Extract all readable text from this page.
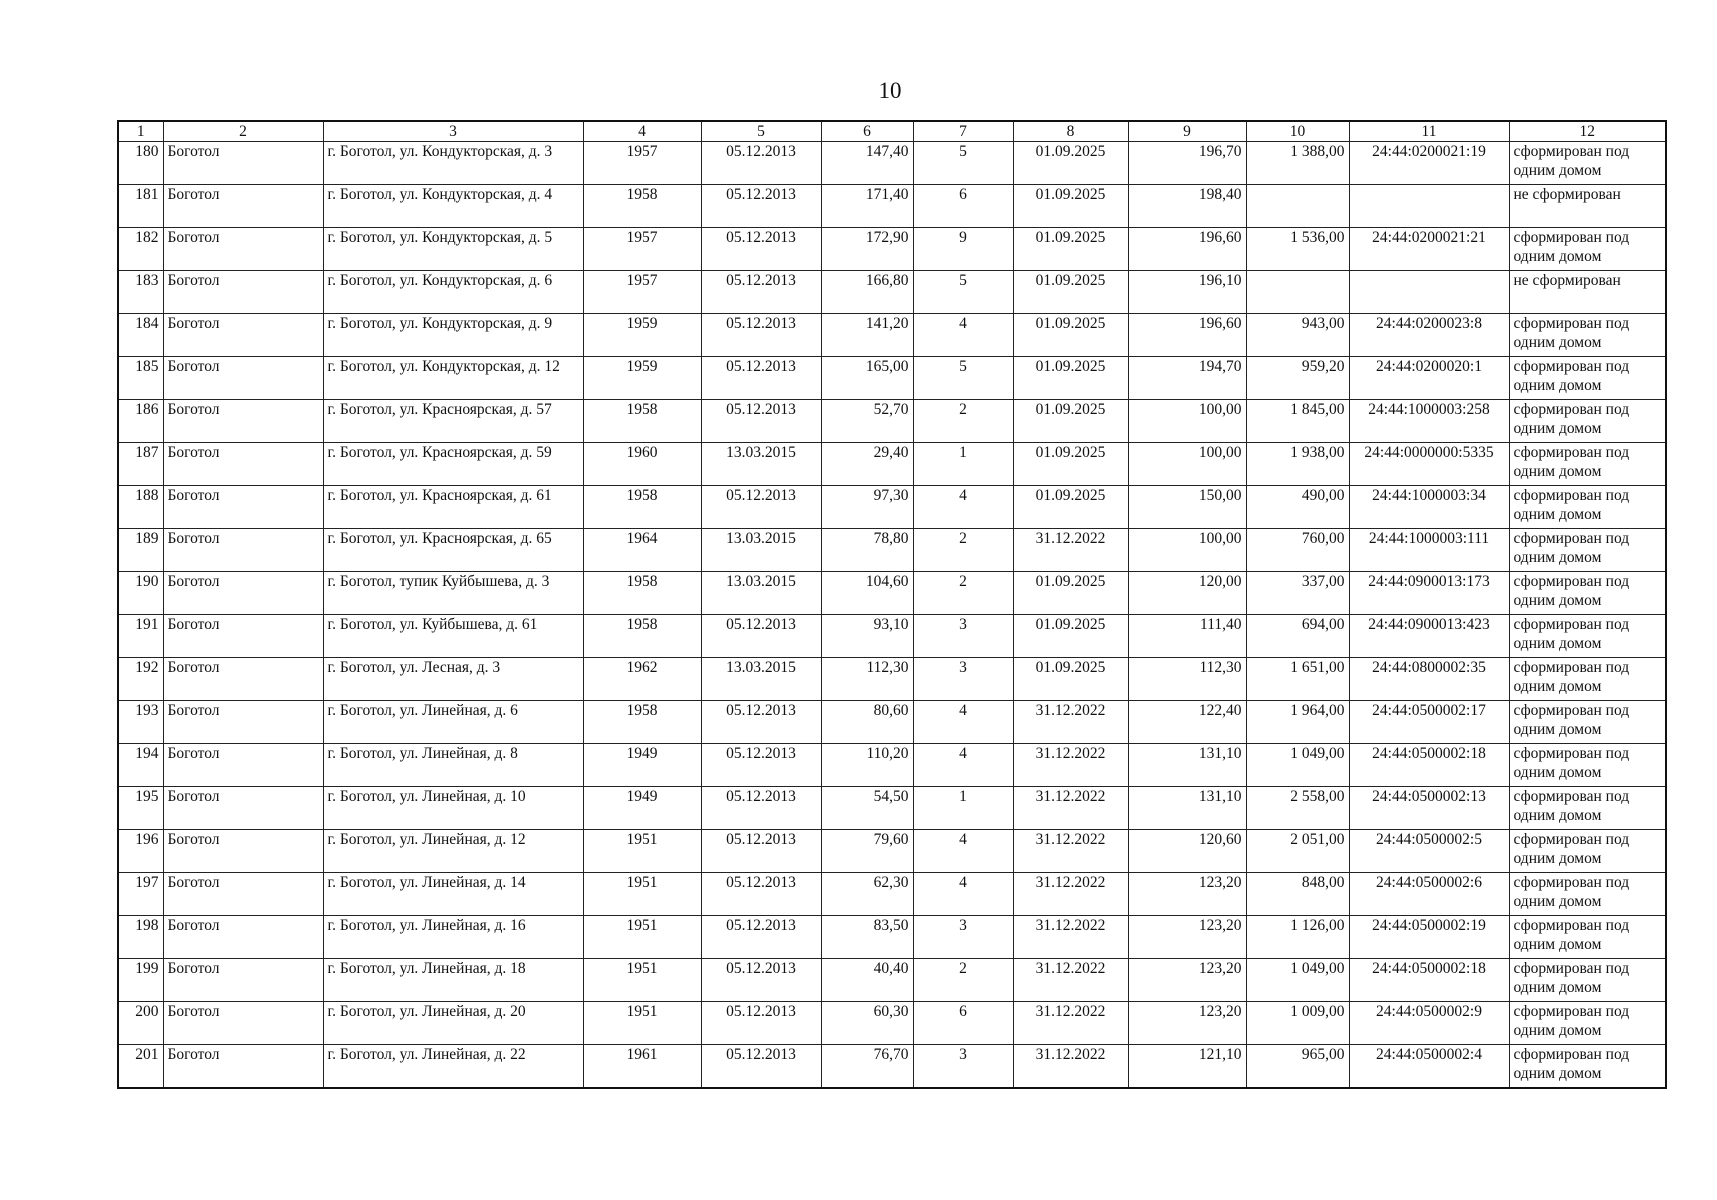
10
1	2	3	4	5	6	7	8	9	10	11	12
180	Боготол	г. Боготол, ул. Кондукторская, д. 3	1957	05.12.2013	147,40	5	01.09.2025	196,70	1 388,00	24:44:0200021:19	сформирован под одним домом
181	Боготол	г. Боготол, ул. Кондукторская, д. 4	1958	05.12.2013	171,40	6	01.09.2025	198,40			не сформирован
182	Боготол	г. Боготол, ул. Кондукторская, д. 5	1957	05.12.2013	172,90	9	01.09.2025	196,60	1 536,00	24:44:0200021:21	сформирован под одним домом
183	Боготол	г. Боготол, ул. Кондукторская, д. 6	1957	05.12.2013	166,80	5	01.09.2025	196,10			не сформирован
184	Боготол	г. Боготол, ул. Кондукторская, д. 9	1959	05.12.2013	141,20	4	01.09.2025	196,60	943,00	24:44:0200023:8	сформирован под одним домом
185	Боготол	г. Боготол, ул. Кондукторская, д. 12	1959	05.12.2013	165,00	5	01.09.2025	194,70	959,20	24:44:0200020:1	сформирован под одним домом
186	Боготол	г. Боготол, ул. Красноярская, д. 57	1958	05.12.2013	52,70	2	01.09.2025	100,00	1 845,00	24:44:1000003:258	сформирован под одним домом
187	Боготол	г. Боготол, ул. Красноярская, д. 59	1960	13.03.2015	29,40	1	01.09.2025	100,00	1 938,00	24:44:0000000:5335	сформирован под одним домом
188	Боготол	г. Боготол, ул. Красноярская, д. 61	1958	05.12.2013	97,30	4	01.09.2025	150,00	490,00	24:44:1000003:34	сформирован под одним домом
189	Боготол	г. Боготол, ул. Красноярская, д. 65	1964	13.03.2015	78,80	2	31.12.2022	100,00	760,00	24:44:1000003:111	сформирован под одним домом
190	Боготол	г. Боготол, тупик Куйбышева, д. 3	1958	13.03.2015	104,60	2	01.09.2025	120,00	337,00	24:44:0900013:173	сформирован под одним домом
191	Боготол	г. Боготол, ул. Куйбышева, д. 61	1958	05.12.2013	93,10	3	01.09.2025	111,40	694,00	24:44:0900013:423	сформирован под одним домом
192	Боготол	г. Боготол, ул. Лесная, д. 3	1962	13.03.2015	112,30	3	01.09.2025	112,30	1 651,00	24:44:0800002:35	сформирован под одним домом
193	Боготол	г. Боготол, ул. Линейная, д. 6	1958	05.12.2013	80,60	4	31.12.2022	122,40	1 964,00	24:44:0500002:17	сформирован под одним домом
194	Боготол	г. Боготол, ул. Линейная, д. 8	1949	05.12.2013	110,20	4	31.12.2022	131,10	1 049,00	24:44:0500002:18	сформирован под одним домом
195	Боготол	г. Боготол, ул. Линейная, д. 10	1949	05.12.2013	54,50	1	31.12.2022	131,10	2 558,00	24:44:0500002:13	сформирован под одним домом
196	Боготол	г. Боготол, ул. Линейная, д. 12	1951	05.12.2013	79,60	4	31.12.2022	120,60	2 051,00	24:44:0500002:5	сформирован под одним домом
197	Боготол	г. Боготол, ул. Линейная, д. 14	1951	05.12.2013	62,30	4	31.12.2022	123,20	848,00	24:44:0500002:6	сформирован под одним домом
198	Боготол	г. Боготол, ул. Линейная, д. 16	1951	05.12.2013	83,50	3	31.12.2022	123,20	1 126,00	24:44:0500002:19	сформирован под одним домом
199	Боготол	г. Боготол, ул. Линейная, д. 18	1951	05.12.2013	40,40	2	31.12.2022	123,20	1 049,00	24:44:0500002:18	сформирован под одним домом
200	Боготол	г. Боготол, ул. Линейная, д. 20	1951	05.12.2013	60,30	6	31.12.2022	123,20	1 009,00	24:44:0500002:9	сформирован под одним домом
201	Боготол	г. Боготол, ул. Линейная, д. 22	1961	05.12.2013	76,70	3	31.12.2022	121,10	965,00	24:44:0500002:4	сформирован под одним домом
